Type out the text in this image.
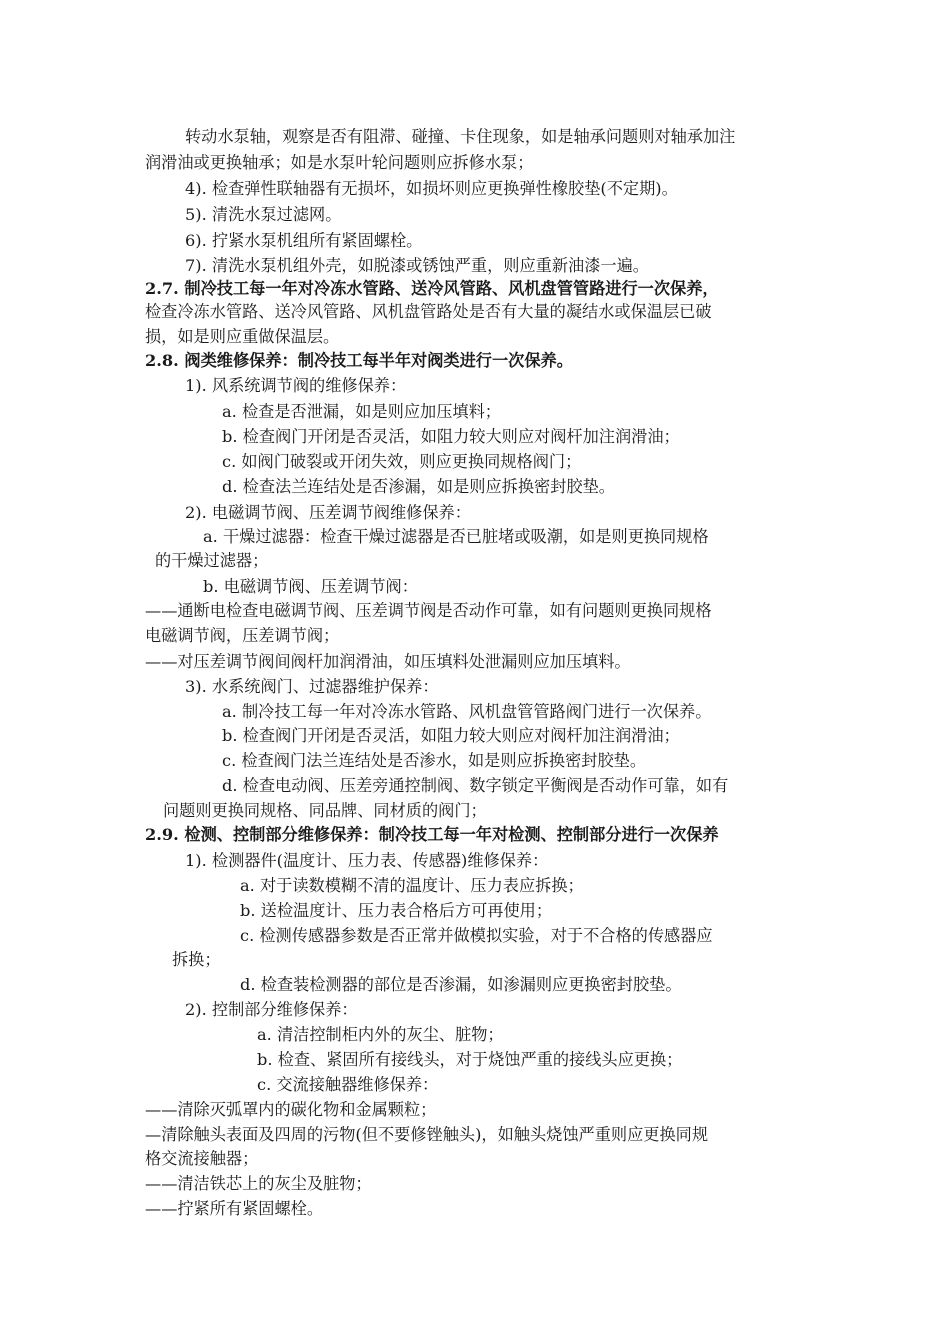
转动水泵轴，观察是否有阻滞、碰撞、卡住现象，如是轴承问题则对轴承加注
润滑油或更换轴承；如是水泵叶轮问题则应拆修水泵；
4). 检查弹性联轴器有无损坏，如损坏则应更换弹性橡胶垫(不定期)。
5). 清洗水泵过滤网。
6). 拧紧水泵机组所有紧固螺栓。
7). 清洗水泵机组外壳，如脱漆或锈蚀严重，则应重新油漆一遍。
2.7. 制冷技工每一年对冷冻水管路、送冷风管路、风机盘管管路进行一次保养，
检查冷冻水管路、送冷风管路、风机盘管路处是否有大量的凝结水或保温层已破
损，如是则应重做保温层。
2.8. 阀类维修保养：制冷技工每半年对阀类进行一次保养。
1). 风系统调节阀的维修保养：
a. 检查是否泄漏，如是则应加压填料；
b. 检查阀门开闭是否灵活，如阻力较大则应对阀杆加注润滑油；
c. 如阀门破裂或开闭失效，则应更换同规格阀门；
d. 检查法兰连结处是否渗漏，如是则应拆换密封胶垫。
2). 电磁调节阀、压差调节阀维修保养：
a. 干燥过滤器：检查干燥过滤器是否已脏堵或吸潮，如是则更换同规格
的干燥过滤器；
b. 电磁调节阀、压差调节阀：
——通断电检查电磁调节阀、压差调节阀是否动作可靠，如有问题则更换同规格
电磁调节阀，压差调节阀；
——对压差调节阀间阀杆加润滑油，如压填料处泄漏则应加压填料。
3). 水系统阀门、过滤器维护保养：
a. 制冷技工每一年对冷冻水管路、风机盘管管路阀门进行一次保养。
b. 检查阀门开闭是否灵活，如阻力较大则应对阀杆加注润滑油；
c. 检查阀门法兰连结处是否渗水，如是则应拆换密封胶垫。
d. 检查电动阀、压差旁通控制阀、数字锁定平衡阀是否动作可靠，如有
问题则更换同规格、同品牌、同材质的阀门；
2.9. 检测、控制部分维修保养：制冷技工每一年对检测、控制部分进行一次保养
1). 检测器件(温度计、压力表、传感器)维修保养：
a. 对于读数模糊不清的温度计、压力表应拆换；
b. 送检温度计、压力表合格后方可再使用；
c. 检测传感器参数是否正常并做模拟实验，对于不合格的传感器应
拆换；
d. 检查装检测器的部位是否渗漏，如渗漏则应更换密封胶垫。
2). 控制部分维修保养：
a. 清洁控制柜内外的灰尘、脏物；
b. 检查、紧固所有接线头，对于烧蚀严重的接线头应更换；
c. 交流接触器维修保养：
——清除灭弧罩内的碳化物和金属颗粒；
—清除触头表面及四周的污物(但不要修锉触头)，如触头烧蚀严重则应更换同规
格交流接触器；
——清洁铁芯上的灰尘及脏物；
——拧紧所有紧固螺栓。
